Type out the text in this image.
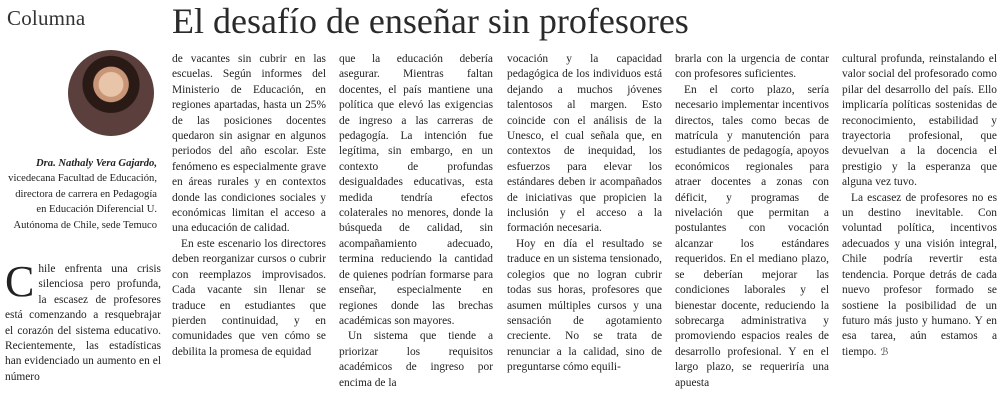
Columna El desafío de enseñar sin profesores
Dra. Nathaly Vera Gajardo, vicedecana Facultad de Educación, directora de carrera en Pedagogía en Educación Diferencial U. Autónoma de Chile, sede Temuco

Chile enfrenta una crisis silenciosa pero profunda, la escasez de profesores está comenzando a resquebrajar el corazón del sistema educativo. Recientemente, las estadísticas han evidenciado un aumento en el número

de vacantes sin cubrir en las escuelas. Según informes del Ministerio de Educación, en regiones apartadas, hasta un 25% de las posiciones docentes quedaron sin asignar en algunos periodos del año escolar. Este fenómeno es especialmente grave en áreas rurales y en contextos donde las condiciones sociales y económicas limitan el acceso a una educación de calidad.

En este escenario los directores deben reorganizar cursos o cubrir con reemplazos improvisados. Cada vacante sin llenar se traduce en estudiantes que pierden continuidad, y en comunidades que ven cómo se debilita la promesa de equidad

que la educación debería asegurar. Mientras faltan docentes, el país mantiene una política que elevó las exigencias de ingreso a las carreras de pedagogía. La intención fue legítima, sin embargo, en un contexto de profundas desigualdades educativas, esta medida tendría efectos colaterales no menores, donde la búsqueda de calidad, sin acompañamiento adecuado, termina reduciendo la cantidad de quienes podrían formarse para enseñar, especialmente en regiones donde las brechas académicas son mayores.

Un sistema que tiende a priorizar los requisitos académicos de ingreso por encima de la

vocación y la capacidad pedagógica de los individuos está dejando a muchos jóvenes talentosos al margen. Esto coincide con el análisis de la Unesco, el cual señala que, en contextos de inequidad, los esfuerzos para elevar los estándares deben ir acompañados de iniciativas que propicien la inclusión y el acceso a la formación necesaria.

Hoy en día el resultado se traduce en un sistema tensionado, colegios que no logran cubrir todas sus horas, profesores que asumen múltiples cursos y una sensación de agotamiento creciente. No se trata de renunciar a la calidad, sino de preguntarse cómo equili-

brarla con la urgencia de contar con profesores suficientes.

En el corto plazo, sería necesario implementar incentivos directos, tales como becas de matrícula y manutención para estudiantes de pedagogía, apoyos económicos regionales para atraer docentes a zonas con déficit, y programas de nivelación que permitan a postulantes con vocación alcanzar los estándares requeridos. En el mediano plazo, se deberían mejorar las condiciones laborales y el bienestar docente, reduciendo la sobrecarga administrativa y promoviendo espacios reales de desarrollo profesional. Y en el largo plazo, se requeriría una apuesta

cultural profunda, reinstalando el valor social del profesorado como pilar del desarrollo del país. Ello implicaría políticas sostenidas de reconocimiento, estabilidad y trayectoria profesional, que devuelvan a la docencia el prestigio y la esperanza que alguna vez tuvo.

La escasez de profesores no es un destino inevitable. Con voluntad política, incentivos adecuados y una visión integral, Chile podría revertir esta tendencia. Porque detrás de cada nuevo profesor formado se sostiene la posibilidad de un futuro más justo y humano. Y en esa tarea, aún estamos a tiempo. ℬ
